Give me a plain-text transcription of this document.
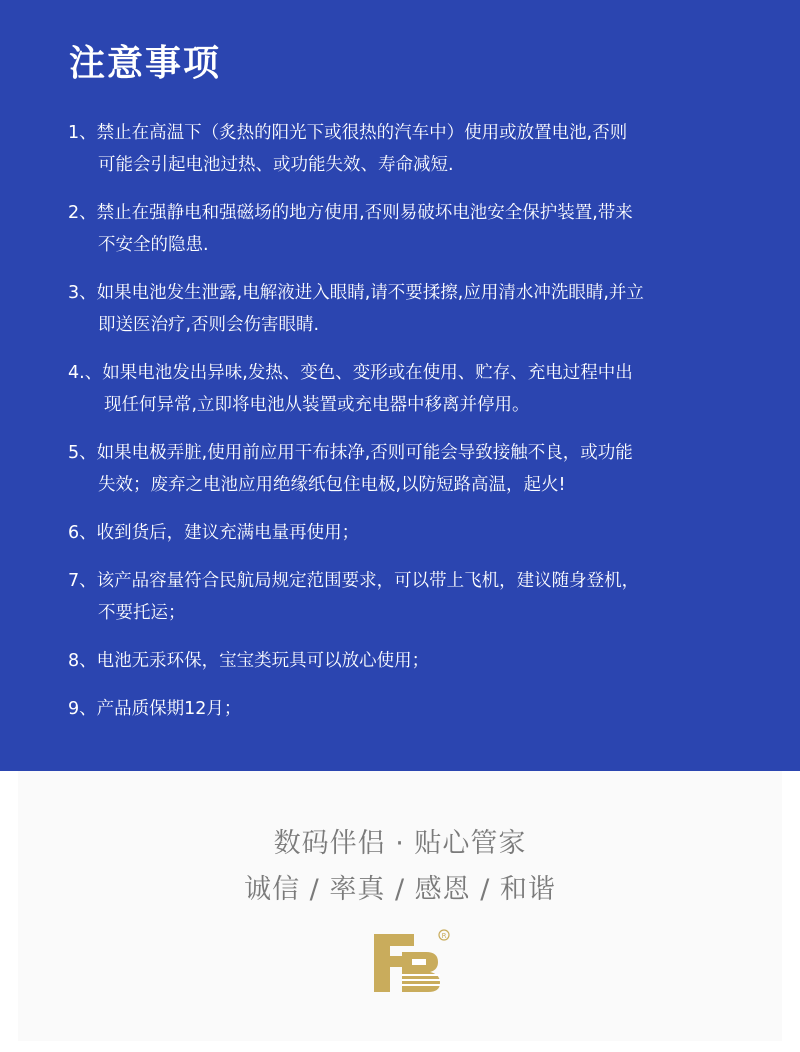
注意事项
1、禁止在高温下（炙热的阳光下或很热的汽车中）使用或放置电池,否则
可能会引起电池过热、或功能失效、寿命减短.
2、禁止在强静电和强磁场的地方使用,否则易破坏电池安全保护装置,带来
不安全的隐患.
3、如果电池发生泄露,电解液进入眼睛,请不要揉擦,应用清水冲洗眼睛,并立
即送医治疗,否则会伤害眼睛.
4.、如果电池发出异味,发热、变色、变形或在使用、贮存、充电过程中出
现任何异常,立即将电池从装置或充电器中移离并停用。
5、如果电极弄脏,使用前应用干布抹净,否则可能会导致接触不良，或功能
失效；废弃之电池应用绝缘纸包住电极,以防短路高温，起火!
6、收到货后，建议充满电量再使用；
7、该产品容量符合民航局规定范围要求，可以带上飞机，建议随身登机，
不要托运；
8、电池无汞环保，宝宝类玩具可以放心使用；
9、产品质保期12月；
数码伴侣 · 贴心管家
诚信 / 率真 / 感恩 / 和谐
R
